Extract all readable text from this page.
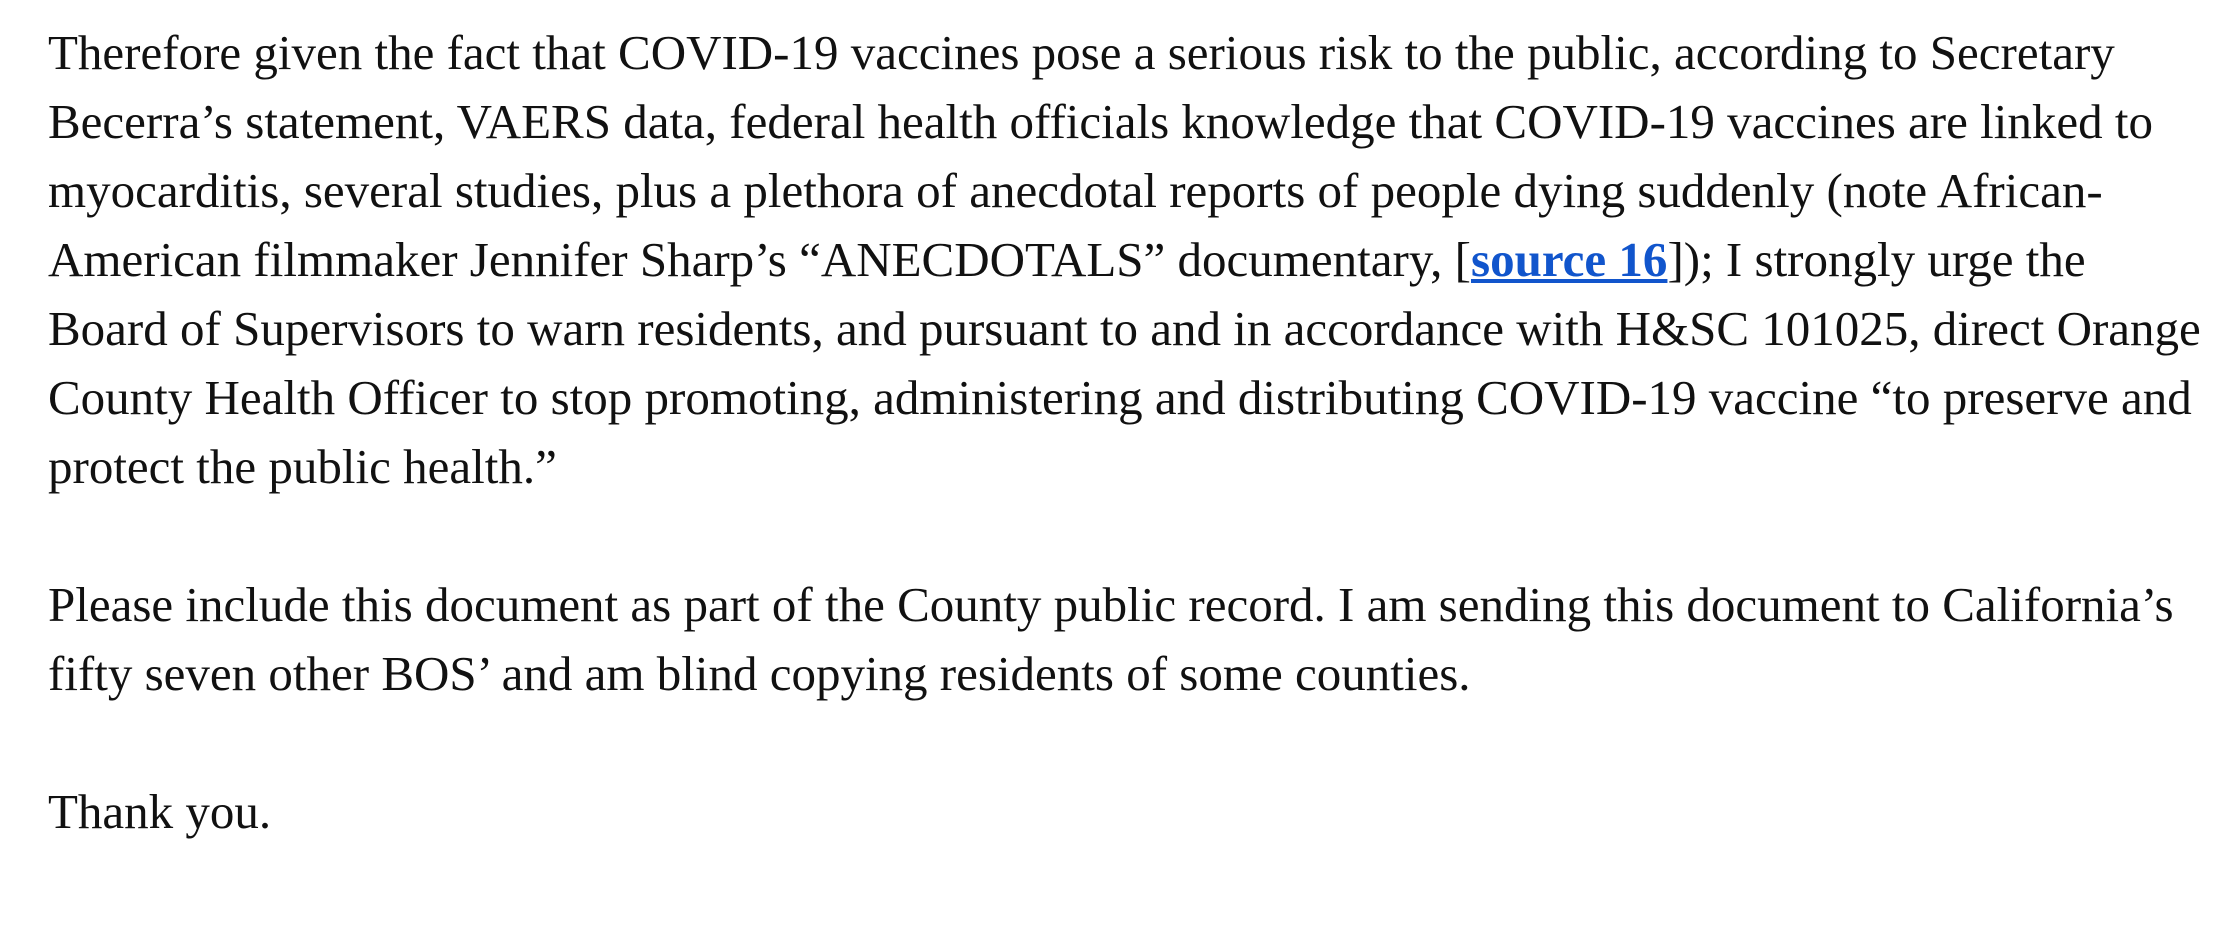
Therefore given the fact that COVID-19 vaccines pose a serious risk to the public, according to Secretary Becerra’s statement, VAERS data, federal health officials knowledge that COVID-19 vaccines are linked to myocarditis, several studies, plus a plethora of anecdotal reports of people dying suddenly (note African-American filmmaker Jennifer Sharp’s “ANECDOTALS” documentary, [source 16]); I strongly urge the Board of Supervisors to warn residents, and pursuant to and in accordance with H&SC 101025, direct Orange County Health Officer to stop promoting, administering and distributing COVID-19 vaccine “to preserve and protect the public health.”

Please include this document as part of the County public record. I am sending this document to California’s fifty seven other BOS’ and am blind copying residents of some counties.

Thank you.
